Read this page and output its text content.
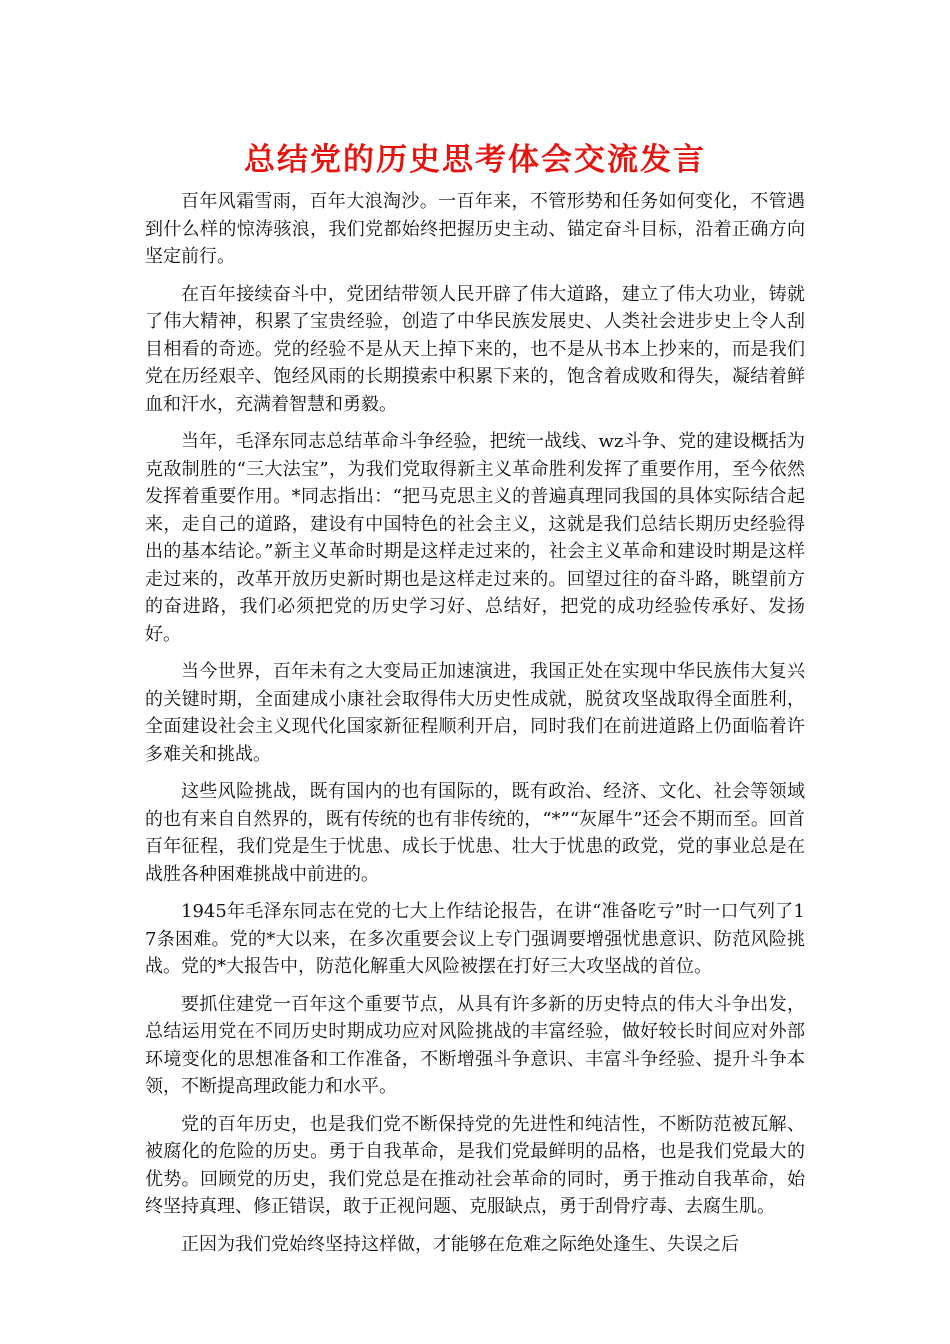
总结党的历史思考体会交流发言

百年风霜雪雨，百年大浪淘沙。一百年来，不管形势和任务如何变化，不管遇到什么样的惊涛骇浪，我们党都始终把握历史主动、锚定奋斗目标，沿着正确方向坚定前行。

在百年接续奋斗中，党团结带领人民开辟了伟大道路，建立了伟大功业，铸就了伟大精神，积累了宝贵经验，创造了中华民族发展史、人类社会进步史上令人刮目相看的奇迹。党的经验不是从天上掉下来的，也不是从书本上抄来的，而是我们党在历经艰辛、饱经风雨的长期摸索中积累下来的，饱含着成败和得失，凝结着鲜血和汗水，充满着智慧和勇毅。

当年，毛泽东同志总结革命斗争经验，把统一战线、wz斗争、党的建设概括为克敌制胜的“三大法宝”，为我们党取得新主义革命胜利发挥了重要作用，至今依然发挥着重要作用。*同志指出：“把马克思主义的普遍真理同我国的具体实际结合起来，走自己的道路，建设有中国特色的社会主义，这就是我们总结长期历史经验得出的基本结论。”新主义革命时期是这样走过来的，社会主义革命和建设时期是这样走过来的，改革开放历史新时期也是这样走过来的。回望过往的奋斗路，眺望前方的奋进路，我们必须把党的历史学习好、总结好，把党的成功经验传承好、发扬好。

当今世界，百年未有之大变局正加速演进，我国正处在实现中华民族伟大复兴的关键时期，全面建成小康社会取得伟大历史性成就，脱贫攻坚战取得全面胜利，全面建设社会主义现代化国家新征程顺利开启，同时我们在前进道路上仍面临着许多难关和挑战。

这些风险挑战，既有国内的也有国际的，既有政治、经济、文化、社会等领域的也有来自自然界的，既有传统的也有非传统的，“*”“灰犀牛”还会不期而至。回首百年征程，我们党是生于忧患、成长于忧患、壮大于忧患的政党，党的事业总是在战胜各种困难挑战中前进的。

1945年毛泽东同志在党的七大上作结论报告，在讲“准备吃亏”时一口气列了17条困难。党的*大以来，在多次重要会议上专门强调要增强忧患意识、防范风险挑战。党的*大报告中，防范化解重大风险被摆在打好三大攻坚战的首位。

要抓住建党一百年这个重要节点，从具有许多新的历史特点的伟大斗争出发，总结运用党在不同历史时期成功应对风险挑战的丰富经验，做好较长时间应对外部环境变化的思想准备和工作准备，不断增强斗争意识、丰富斗争经验、提升斗争本领，不断提高理政能力和水平。

党的百年历史，也是我们党不断保持党的先进性和纯洁性，不断防范被瓦解、被腐化的危险的历史。勇于自我革命，是我们党最鲜明的品格，也是我们党最大的优势。回顾党的历史，我们党总是在推动社会革命的同时，勇于推动自我革命，始终坚持真理、修正错误，敢于正视问题、克服缺点，勇于刮骨疗毒、去腐生肌。

正因为我们党始终坚持这样做，才能够在危难之际绝处逢生、失误之后
